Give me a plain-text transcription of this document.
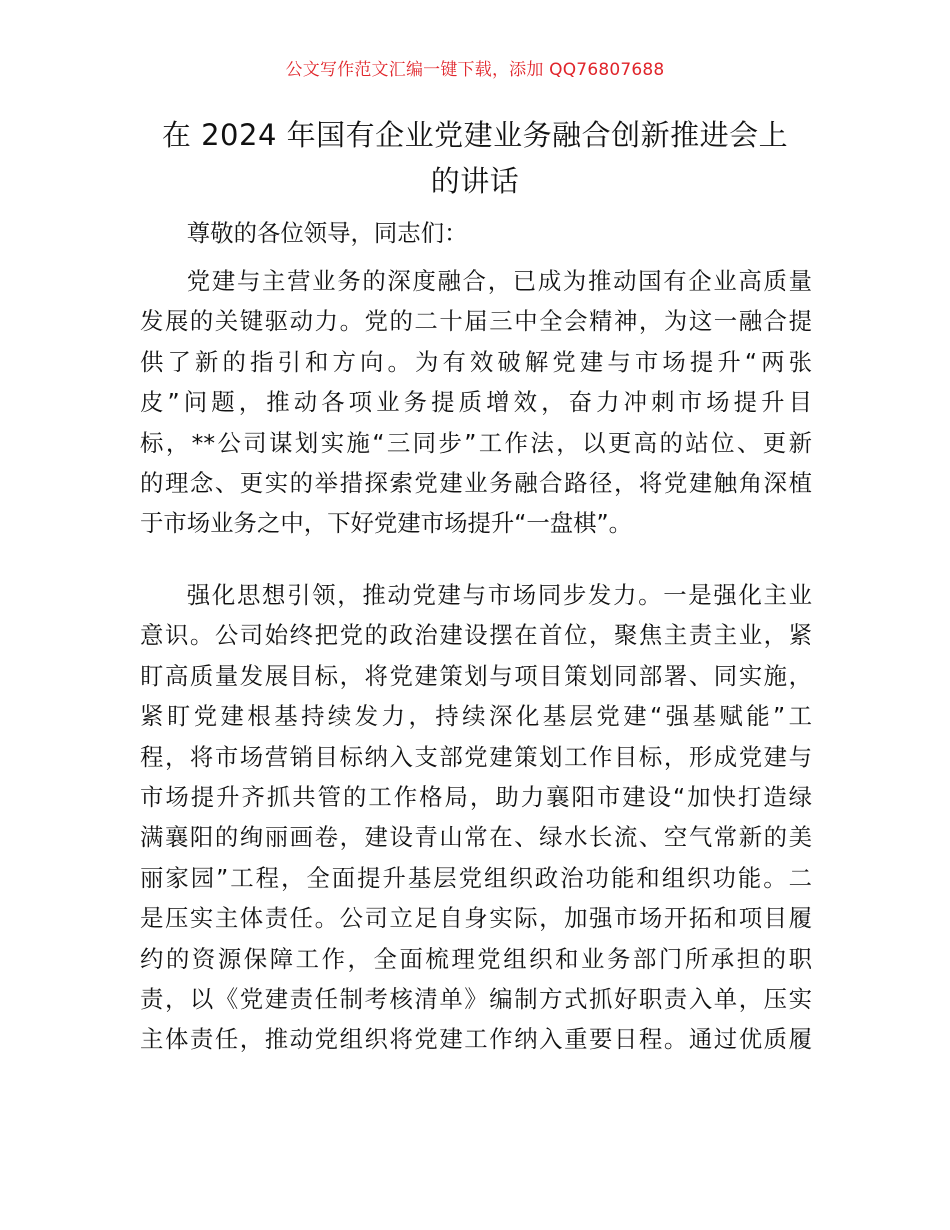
公文写作范文汇编一键下载，添加 QQ76807688
在 2024 年国有企业党建业务融合创新推进会上
的讲话

尊敬的各位领导，同志们：

党建与主营业务的深度融合，已成为推动国有企业高质量
发展的关键驱动力。党的二十届三中全会精神，为这一融合提
供了新的指引和方向。为有效破解党建与市场提升“两张
皮”问题，推动各项业务提质增效，奋力冲刺市场提升目
标，**公司谋划实施“三同步”工作法，以更高的站位、更新
的理念、更实的举措探索党建业务融合路径，将党建触角深植
于市场业务之中，下好党建市场提升“一盘棋”。
强化思想引领，推动党建与市场同步发力。一是强化主业
意识。公司始终把党的政治建设摆在首位，聚焦主责主业，紧
盯高质量发展目标，将党建策划与项目策划同部署、同实施，
紧盯党建根基持续发力，持续深化基层党建“强基赋能”工
程，将市场营销目标纳入支部党建策划工作目标，形成党建与
市场提升齐抓共管的工作格局，助力襄阳市建设“加快打造绿
满襄阳的绚丽画卷，建设青山常在、绿水长流、空气常新的美
丽家园”工程，全面提升基层党组织政治功能和组织功能。二
是压实主体责任。公司立足自身实际，加强市场开拓和项目履
约的资源保障工作，全面梳理党组织和业务部门所承担的职
责，以《党建责任制考核清单》编制方式抓好职责入单，压实
主体责任，推动党组织将党建工作纳入重要日程。通过优质履
